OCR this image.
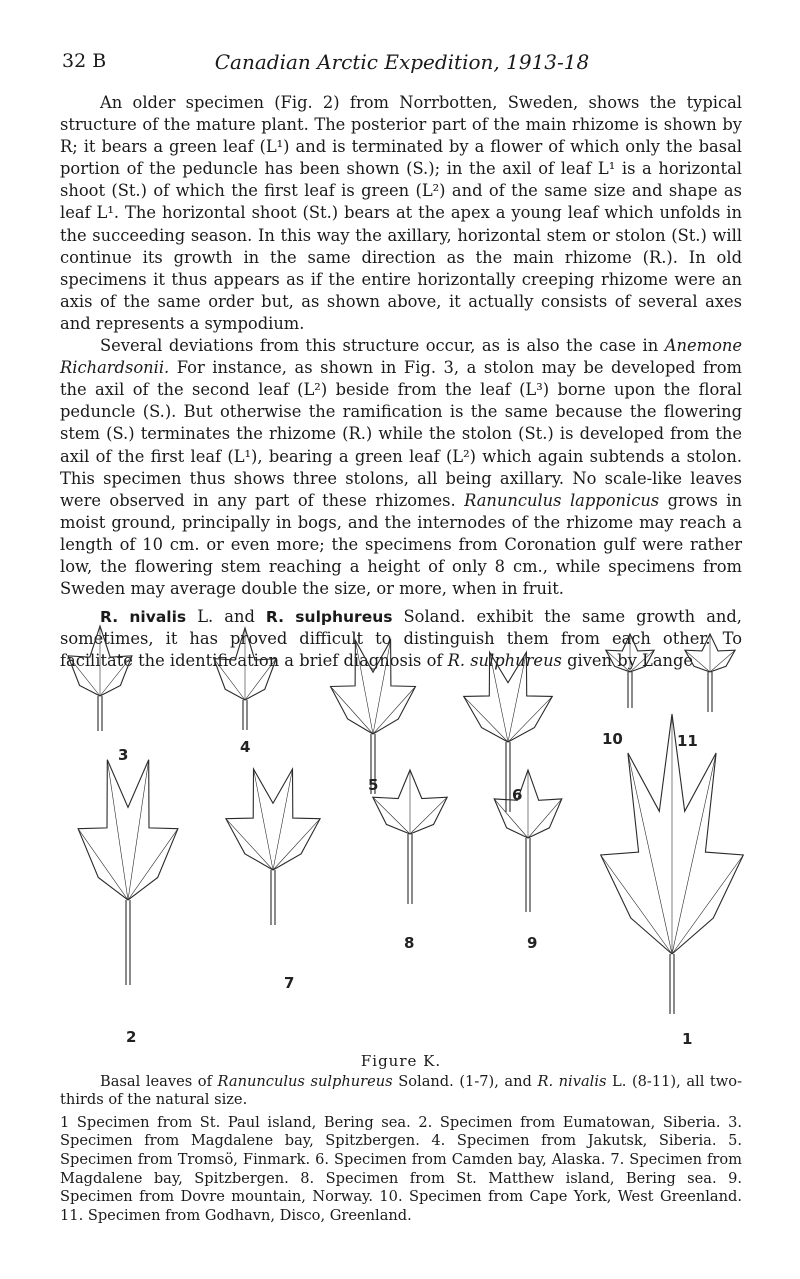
32 B	Canadian Arctic Expedition, 1913-18

An older specimen (Fig. 2) from Norrbotten, Sweden, shows the typical structure of the mature plant. The posterior part of the main rhizome is shown by R; it bears a green leaf (L¹) and is terminated by a flower of which only the basal portion of the peduncle has been shown (S.); in the axil of leaf L¹ is a horizontal shoot (St.) of which the first leaf is green (L²) and of the same size and shape as leaf L¹. The horizontal shoot (St.) bears at the apex a young leaf which unfolds in the succeeding season. In this way the axillary, horizontal stem or stolon (St.) will continue its growth in the same direction as the main rhizome (R.). In old specimens it thus appears as if the entire horizontally creeping rhizome were an axis of the same order but, as shown above, it actually consists of several axes and represents a sympodium.

Several deviations from this structure occur, as is also the case in Anemone Richardsonii. For instance, as shown in Fig. 3, a stolon may be developed from the axil of the second leaf (L²) beside from the leaf (L³) borne upon the floral peduncle (S.). But otherwise the ramification is the same because the flowering stem (S.) terminates the rhizome (R.) while the stolon (St.) is developed from the axil of the first leaf (L¹), bearing a green leaf (L²) which again subtends a stolon. This specimen thus shows three stolons, all being axillary. No scale-like leaves were observed in any part of these rhizomes. Ranunculus lapponicus grows in moist ground, principally in bogs, and the internodes of the rhizome may reach a length of 10 cm. or even more; the specimens from Coronation gulf were rather low, the flowering stem reaching a height of only 8 cm., while specimens from Sweden may average double the size, or more, when in fruit.

R. nivalis L. and R. sulphureus Soland. exhibit the same growth and, sometimes, it has proved difficult to distinguish them from each other. To facilitate the identification a brief diagnosis of R. sulphureus given by Lange

1
2
3	4
5
6
7
8	9
10	11
Figure K.

Basal leaves of Ranunculus sulphureus Soland. (1-7), and R. nivalis L. (8-11), all two-thirds of the natural size.

1 Specimen from St. Paul island, Bering sea. 2. Specimen from Eumatowan, Siberia. 3. Specimen from Magdalene bay, Spitzbergen. 4. Specimen from Jakutsk, Siberia. 5. Specimen from Tromsö, Finmark. 6. Specimen from Camden bay, Alaska. 7. Specimen from Magdalene bay, Spitzbergen. 8. Specimen from St. Matthew island, Bering sea. 9. Specimen from Dovre mountain, Norway. 10. Specimen from Cape York, West Greenland. 11. Specimen from Godhavn, Disco, Greenland.
